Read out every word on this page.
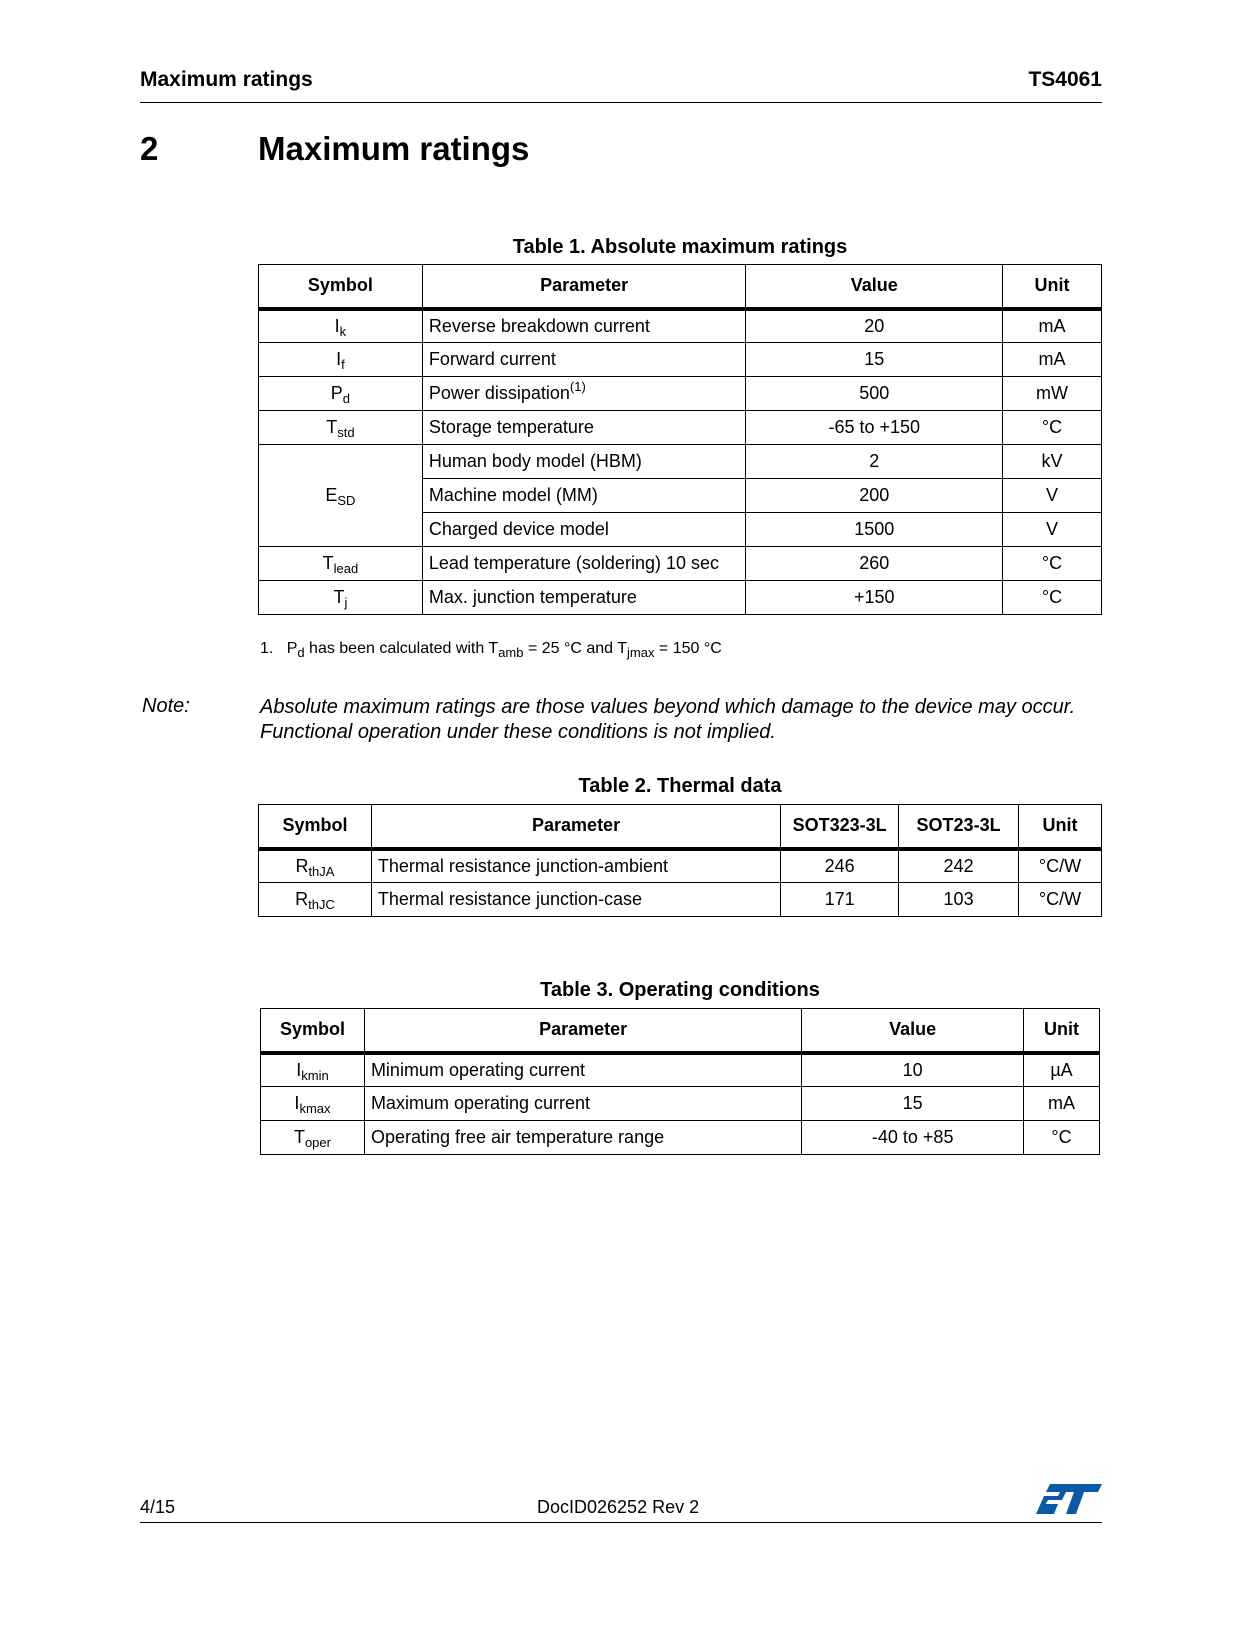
Maximum ratings	TS4061
2	Maximum ratings
Table 1. Absolute maximum ratings
Symbol	Parameter	Value	Unit
$I_k$	Reverse breakdown current	20	mA
$I_f$	Forward current	15	mA
$P_d$	Power dissipation$^{(1)}$	500	mW
$T_{std}$	Storage temperature	-65 to +150	°C
$E_{SD}$	Human body model (HBM)	2	kV
	Machine model (MM)	200	V
	Charged device model	1500	V
$T_{lead}$	Lead temperature (soldering) 10 sec	260	°C
$T_j$	Max. junction temperature	+150	°C
1. $P_d$ has been calculated with $T_{amb} = 25$ °C and $T_{jmax} = 150$ °C
Note:	Absolute maximum ratings are those values beyond which damage to the device may occur. Functional operation under these conditions is not implied.
Table 2. Thermal data
Symbol	Parameter	SOT323-3L	SOT23-3L	Unit
$R_{thJA}$	Thermal resistance junction-ambient	246	242	°C/W
$R_{thJC}$	Thermal resistance junction-case	171	103	°C/W
Table 3. Operating conditions
Symbol	Parameter	Value	Unit
$I_{kmin}$	Minimum operating current	10	µA
$I_{kmax}$	Maximum operating current	15	mA
$T_{oper}$	Operating free air temperature range	-40 to +85	°C
4/15	DocID026252 Rev 2
